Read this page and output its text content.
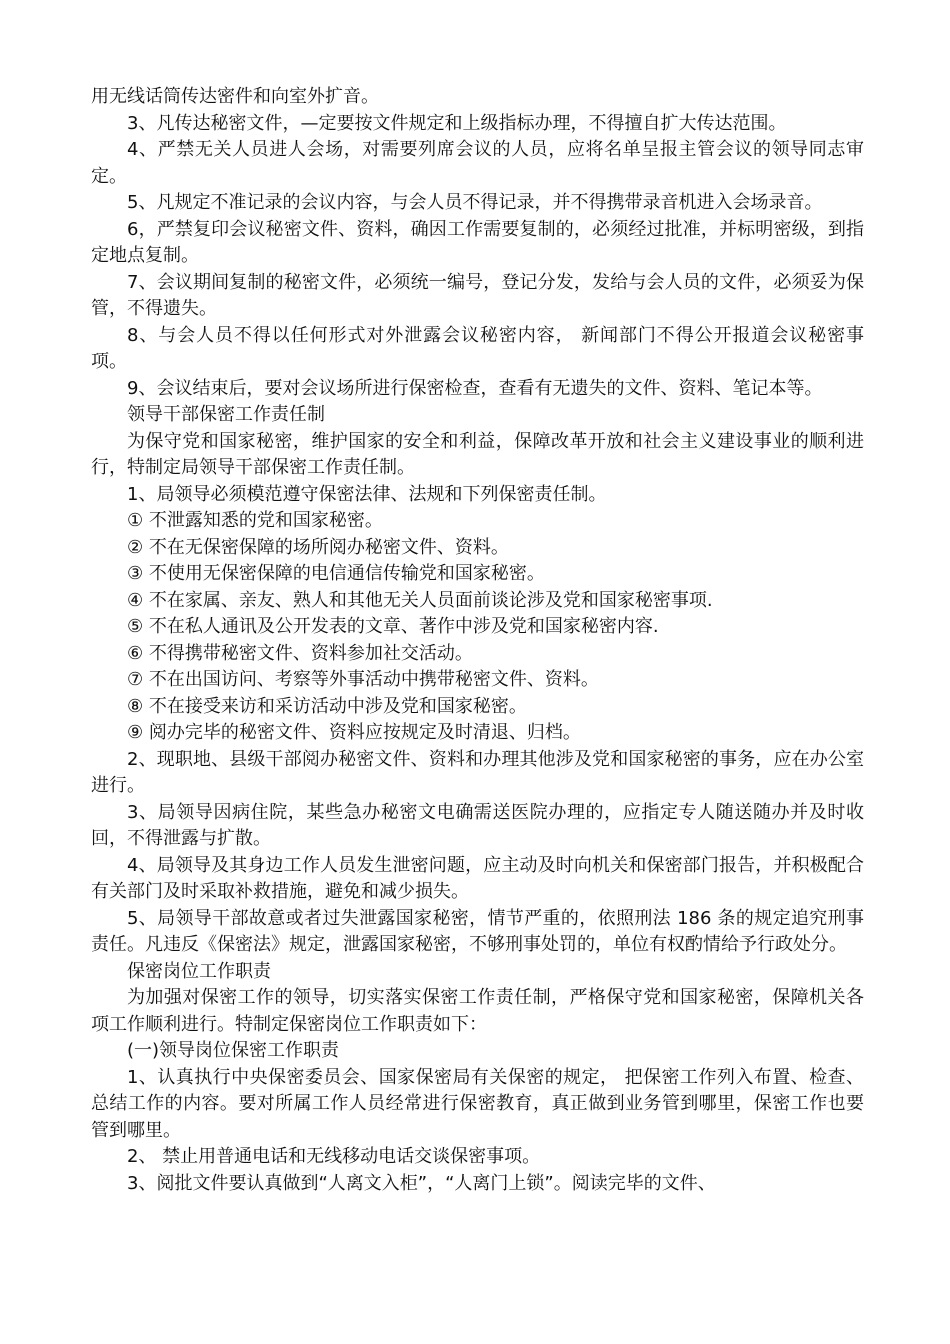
用无线话筒传达密件和向室外扩音。

3、凡传达秘密文件，—定要按文件规定和上级指标办理，不得擅自扩大传达范围。

4、严禁无关人员进人会场，对需要列席会议的人员，应将名单呈报主管会议的领导同志审定。

5、凡规定不准记录的会议内容，与会人员不得记录，并不得携带录音机进入会场录音。

6，严禁复印会议秘密文件、资料，确因工作需要复制的，必须经过批准，并标明密级，到指定地点复制。

7、会议期间复制的秘密文件，必须统一编号，登记分发，发给与会人员的文件，必须妥为保管，不得遗失。

8、与会人员不得以任何形式对外泄露会议秘密内容， 新闻部门不得公开报道会议秘密事项。

9、会议结束后，要对会议场所进行保密检查，查看有无遗失的文件、资料、笔记本等。

领导干部保密工作责任制

为保守党和国家秘密，维护国家的安全和利益，保障改革开放和社会主义建设事业的顺利进行，特制定局领导干部保密工作责任制。

1、局领导必须模范遵守保密法律、法规和下列保密责任制。

① 不泄露知悉的党和国家秘密。

② 不在无保密保障的场所阅办秘密文件、资料。

③ 不使用无保密保障的电信通信传输党和国家秘密。

④ 不在家属、亲友、熟人和其他无关人员面前谈论涉及党和国家秘密事项.

⑤ 不在私人通讯及公开发表的文章、著作中涉及党和国家秘密内容.

⑥ 不得携带秘密文件、资料参加社交活动。

⑦ 不在出国访问、考察等外事活动中携带秘密文件、资料。

⑧ 不在接受来访和采访活动中涉及党和国家秘密。

⑨ 阅办完毕的秘密文件、资料应按规定及时清退、归档。

2、现职地、县级干部阅办秘密文件、资料和办理其他涉及党和国家秘密的事务，应在办公室进行。

3、局领导因病住院，某些急办秘密文电确需送医院办理的，应指定专人随送随办并及时收回，不得泄露与扩散。

4、局领导及其身边工作人员发生泄密问题，应主动及时向机关和保密部门报告，并积极配合有关部门及时采取补救措施，避免和减少损失。

5、局领导干部故意或者过失泄露国家秘密，情节严重的，依照刑法 186 条的规定追究刑事责任。凡违反《保密法》规定，泄露国家秘密，不够刑事处罚的，单位有权酌情给予行政处分。

保密岗位工作职责

为加强对保密工作的领导，切实落实保密工作责任制，严格保守党和国家秘密，保障机关各项工作顺利进行。特制定保密岗位工作职责如下：

(一)领导岗位保密工作职责

1、认真执行中央保密委员会、国家保密局有关保密的规定， 把保密工作列入布置、检查、总结工作的内容。要对所属工作人员经常进行保密教育，真正做到业务管到哪里，保密工作也要管到哪里。

2、 禁止用普通电话和无线移动电话交谈保密事项。

3、阅批文件要认真做到“人离文入柜”，“人离门上锁”。阅读完毕的文件、
